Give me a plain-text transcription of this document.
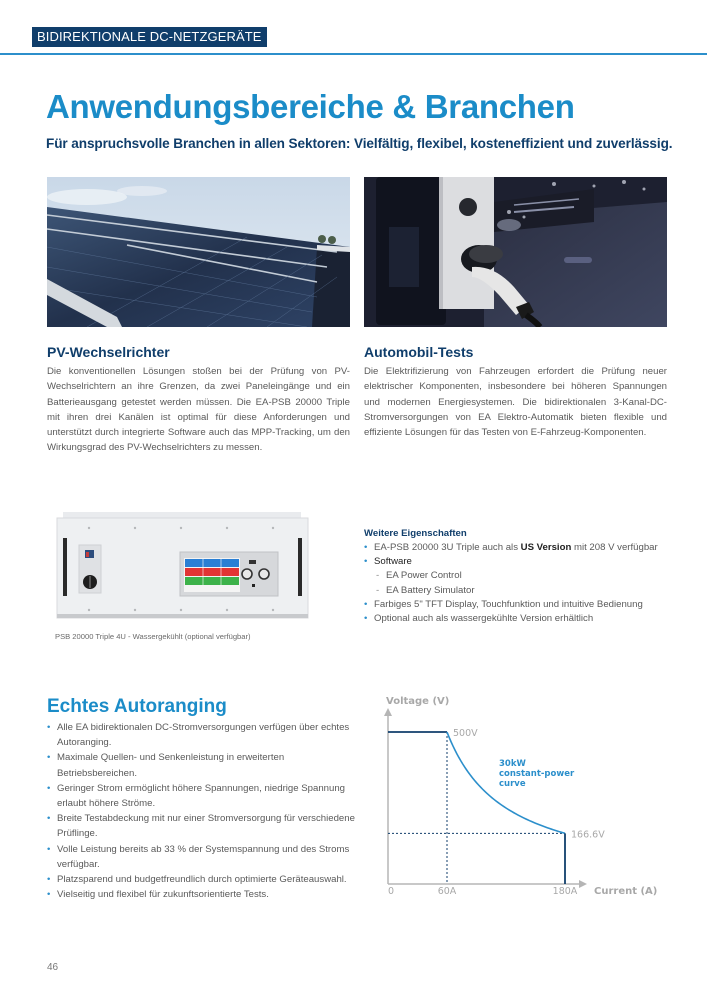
BIDIREKTIONALE DC-NETZGERÄTE
Anwendungsbereiche & Branchen
Für anspruchsvolle Branchen in allen Sektoren: Vielfältig, flexibel, kosteneffizient und zuverlässig.
PV-Wechselrichter

Die konventionellen Lösungen stoßen bei der Prüfung von PV-Wechselrichtern an ihre Grenzen, da zwei Paneleingänge und ein Batterieausgang getestet werden müssen. Die EA-PSB 20000 Triple mit ihren drei Kanälen ist optimal für diese Anforderungen und unterstützt durch integrierte Software auch das MPP-Tracking, um den Wirkungsgrad des PV-Wechselrichters zu messen.

Automobil-Tests

Die Elektrifizierung von Fahrzeugen erfordert die Prüfung neuer elektrischer Komponenten, insbesondere bei höheren Spannungen und modernen Energiesystemen. Die bidirektionalen 3-Kanal-DC-Stromversorgungen von EA Elektro-Automatik bieten flexible und effiziente Lösungen für das Testen von E-Fahrzeug-Komponenten.

PSB 20000 Triple 4U - Wassergekühlt (optional verfügbar)
Weitere Eigenschaften
• EA-PSB 20000 3U Triple auch als US Version mit 208 V verfügbar
• Software
- EA Power Control
- EA Battery Simulator
• Farbiges 5" TFT Display, Touchfunktion und intuitive Bedienung
• Optional auch als wassergekühlte Version erhältlich
Echtes Autoranging
• Alle EA bidirektionalen DC-Stromversorgungen verfügen über echtes Autoranging.
• Maximale Quellen- und Senkenleistung in erweiterten Betriebsbereichen.
• Geringer Strom ermöglicht höhere Spannungen, niedrige Spannung erlaubt höhere Ströme.
• Breite Testabdeckung mit nur einer Stromversorgung für verschiedene Prüflinge.
• Volle Leistung bereits ab 33 % der Systemspannung und des Stroms verfügbar.
• Platzsparend und budgetfreundlich durch optimierte Geräteauswahl.
• Vielseitig und flexibel für zukunftsorientierte Tests.
Voltage (V)
0	60A	180A
500V
166.6V
30kW
constant-power
curve
Current (A)
46
